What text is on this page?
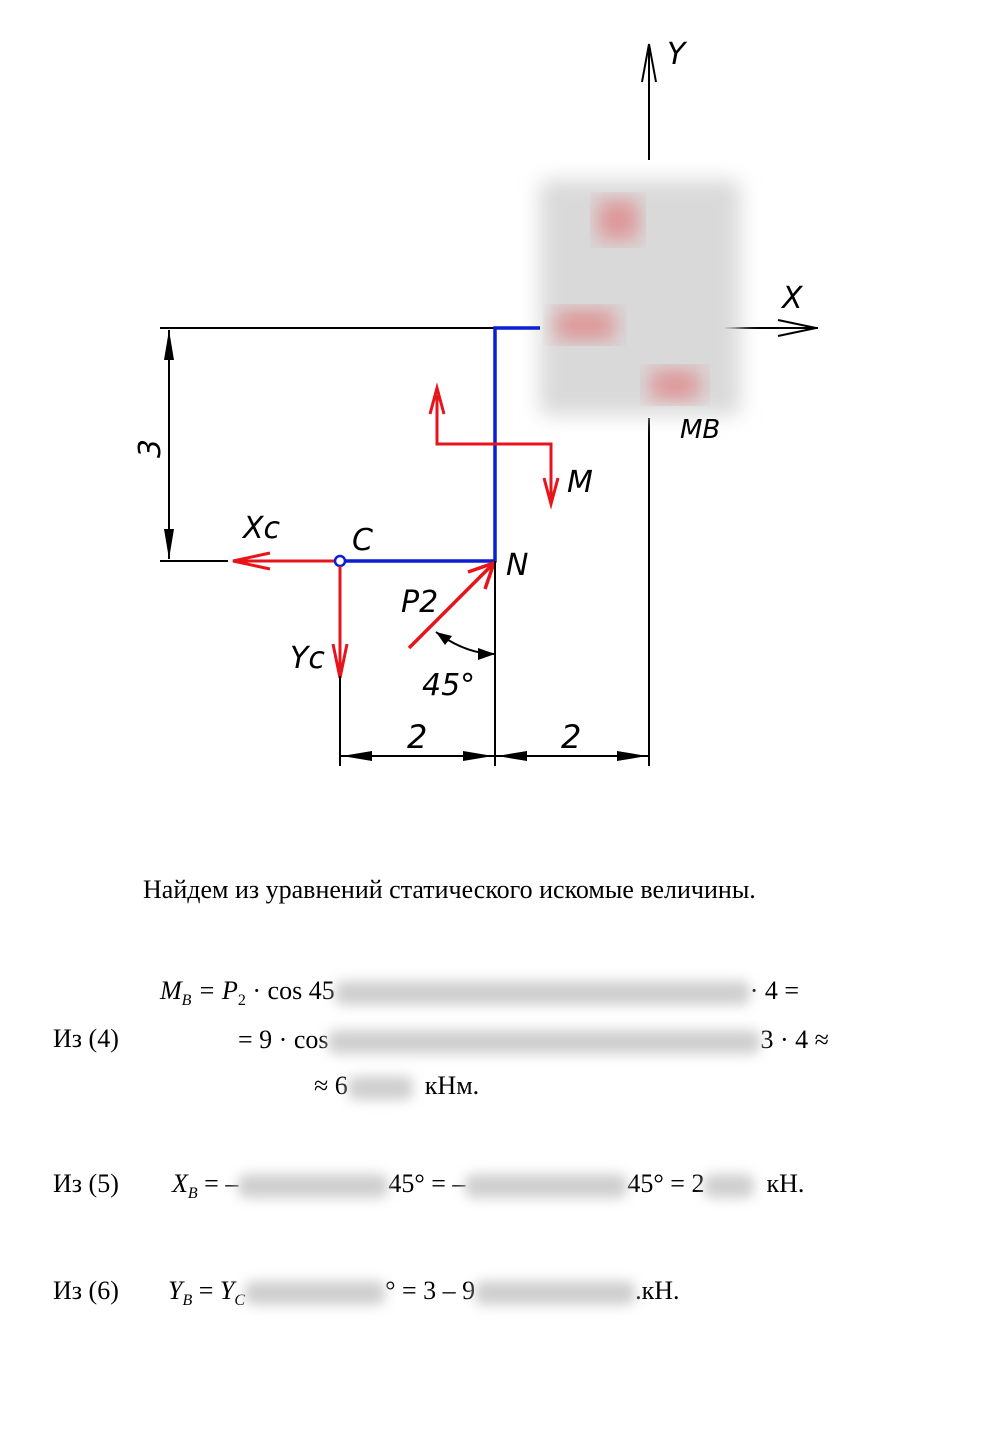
Y
X
MB
3
M
Xc C
Yc
N
P2
45°
2	2
Найдем из уравнений статического искомые величины.
Из (4)
$M_B = P_2 \cdot \cos 45$	· 4 =
= 9 · cos	3 · 4 ≈
≈ 6	кНм.
Из (5) $X_B$ = –	45° = –	45° = 2 кН.
Из (6) $Y_B = Y_C$	° = 3 – 9	.кН.
